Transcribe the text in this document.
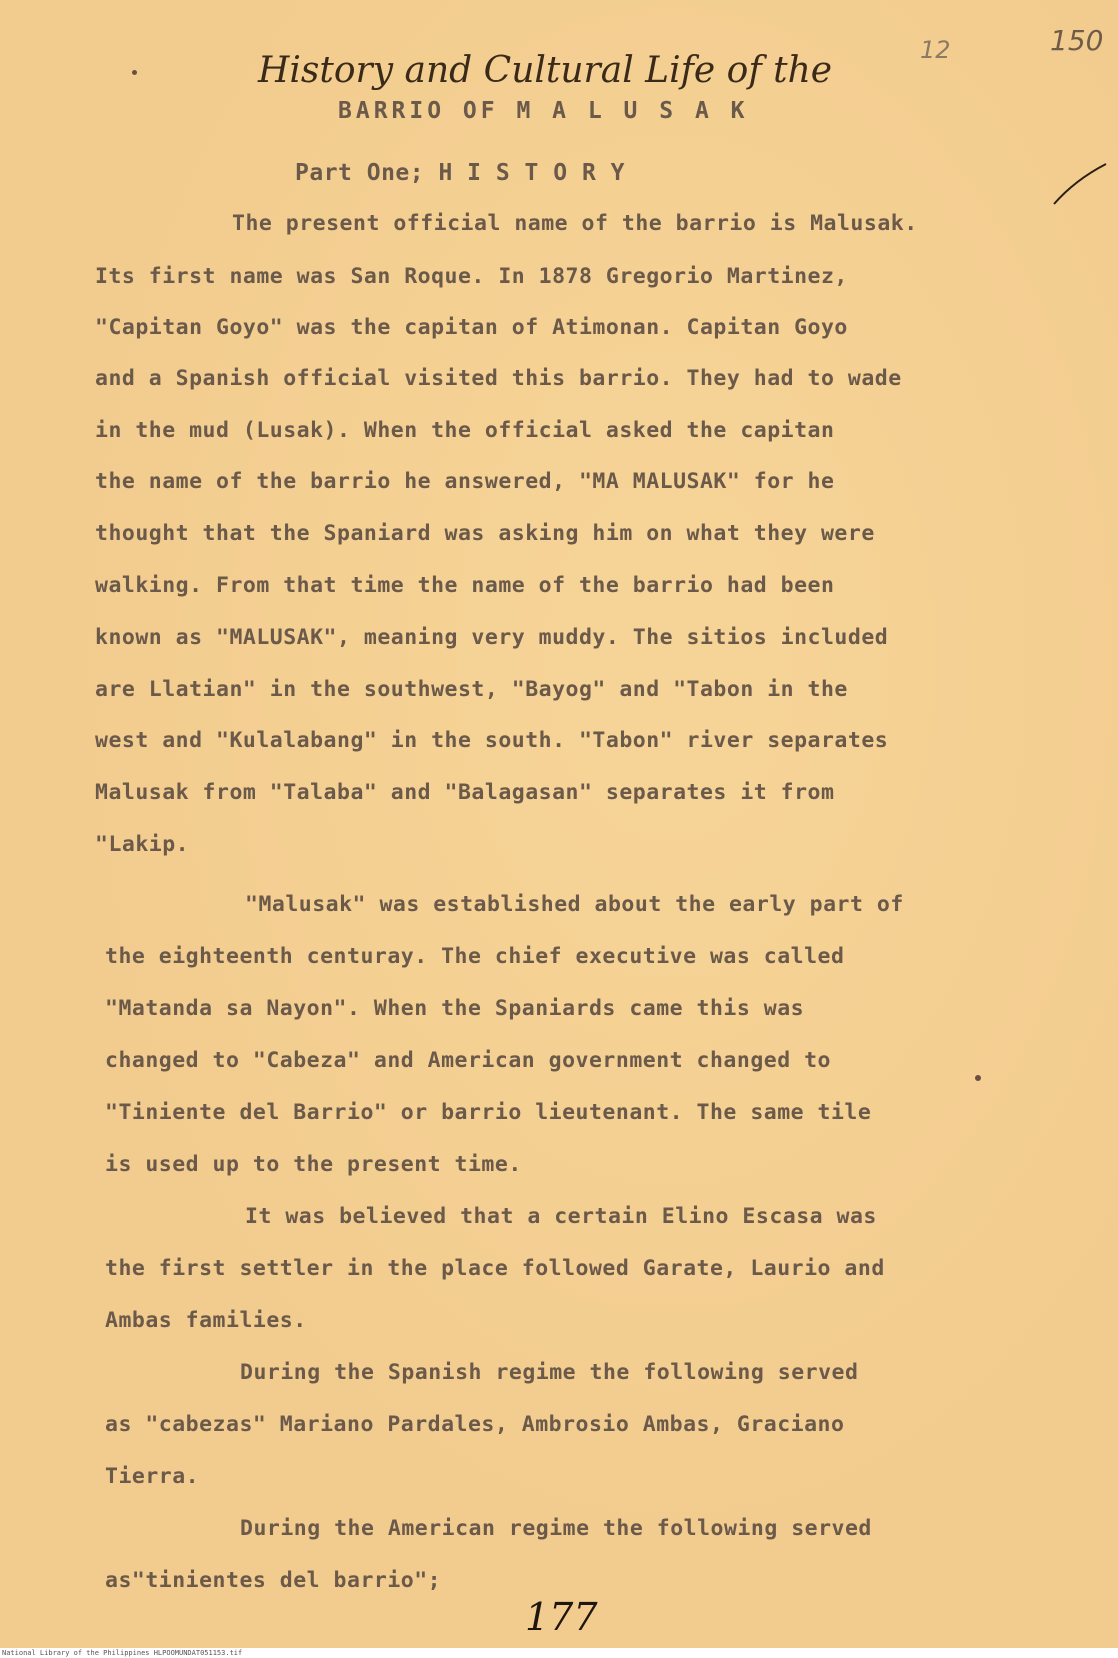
History and Cultural Life of the	12	150
BARRIO OF M A L U S A K
Part One; H I S T O R Y
The present official name of the barrio is Malusak.
Its first name was San Roque. In 1878 Gregorio Martinez,
"Capitan Goyo" was the capitan of Atimonan. Capitan Goyo
and a Spanish official visited this barrio. They had to wade
in the mud (Lusak). When the official asked the capitan
the name of the barrio he answered, "MA MALUSAK" for he
thought that the Spaniard was asking him on what they were
walking. From that time the name of the barrio had been
known as "MALUSAK", meaning very muddy. The sitios included
are Llatian" in the southwest, "Bayog" and "Tabon in the
west and "Kulalabang" in the south. "Tabon" river separates
Malusak from "Talaba" and "Balagasan" separates it from
"Lakip.
"Malusak" was established about the early part of
the eighteenth centuray. The chief executive was called
"Matanda sa Nayon". When the Spaniards came this was
changed to "Cabeza" and American government changed to
"Tiniente del Barrio" or barrio lieutenant. The same tile
is used up to the present time.
It was believed that a certain Elino Escasa was
the first settler in the place followed Garate, Laurio and
Ambas families.
During the Spanish regime the following served
as "cabezas" Mariano Pardales, Ambrosio Ambas, Graciano
Tierra.
During the American regime the following served
as"tinientes del barrio";
177
National Library of the Philippines HLPOOMUNDAT051153.tif
